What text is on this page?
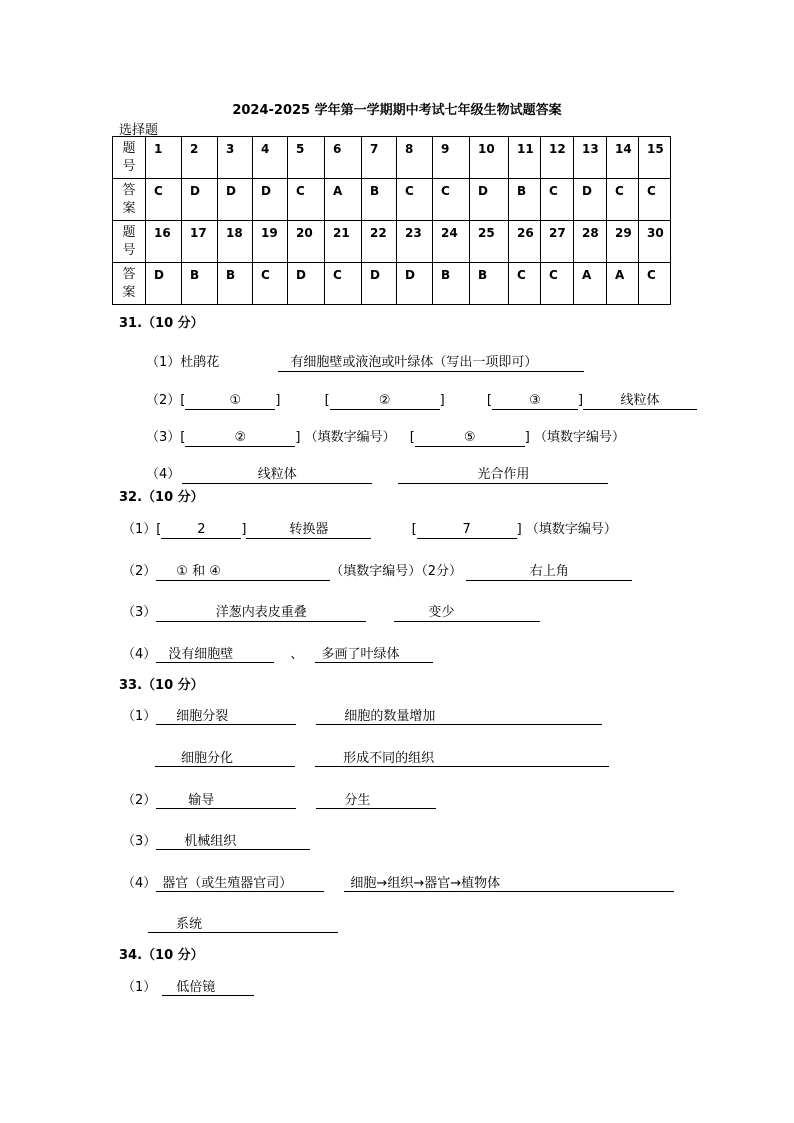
2024-2025 学年第一学期期中考试七年级生物试题答案
选择题
题
号	1	2	3	4	5	6	7	8	9	10	11	12	13	14	15
答
案	C	D	D	D	C	A	B	C	C	D	B	C	D	C	C
题
号	16	17	18	19	20	21	22	23	24	25	26	27	28	29	30
答
案	D	B	B	C	D	C	D	D	B	B	C	C	A	A	C
31.（10 分）
（1）杜鹃花	有细胞壁或液泡或叶绿体（写出一项即可）
（2）[	①	]	[	②	]	[	③	]	线粒体
（3）[	②	] （填数字编号） [	⑤	] （填数字编号）
（4）	线粒体	光合作用
32.（10 分）
（1）[	2	]	转换器	[	7	] （填数字编号）
（2） ① 和 ④	（填数字编号）（2分）	右上角
（3）	洋葱内表皮重叠	变少
（4） 没有细胞壁	、 多画了叶绿体
33.（10 分）
（1） 细胞分裂	细胞的数量增加
细胞分化	形成不同的组织
（2） 输导	分生
（3） 机械组织
（4） 器官（或生殖器官司）	细胞→组织→器官→植物体
系统
34.（10 分）
（1） 低倍镜
